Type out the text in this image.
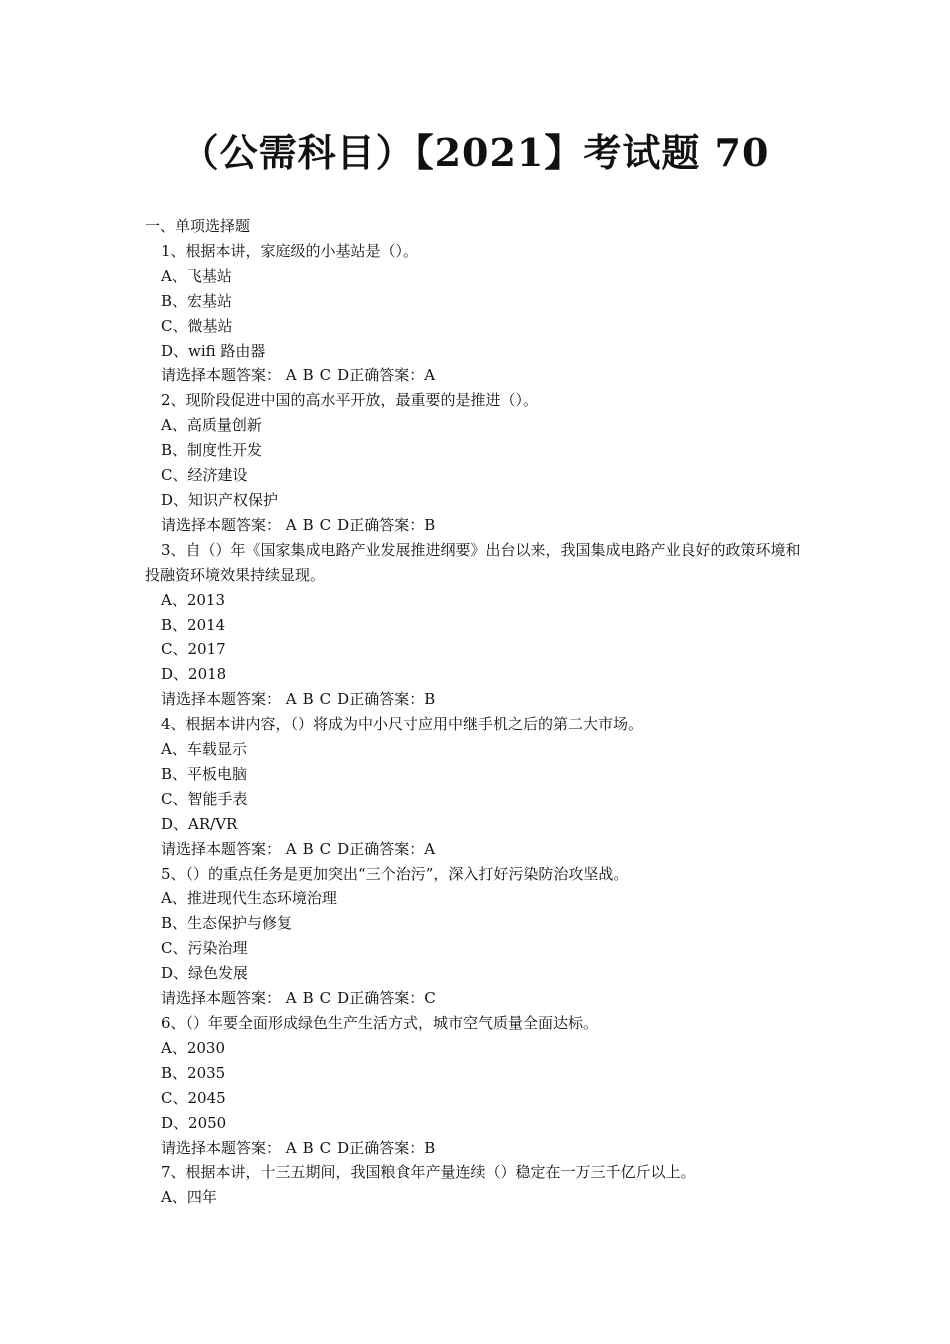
（公需科目）【2021】考试题 70
一、单项选择题
1、根据本讲，家庭级的小基站是（）。
A、飞基站
B、宏基站
C、微基站
D、wifi 路由器
请选择本题答案： A B C D正确答案：A
2、现阶段促进中国的高水平开放，最重要的是推进（）。
A、高质量创新
B、制度性开发
C、经济建设
D、知识产权保护
请选择本题答案： A B C D正确答案：B
3、自（）年《国家集成电路产业发展推进纲要》出台以来，我国集成电路产业良好的政策环境和投融资环境效果持续显现。
A、2013
B、2014
C、2017
D、2018
请选择本题答案： A B C D正确答案：B
4、根据本讲内容，（）将成为中小尺寸应用中继手机之后的第二大市场。
A、车载显示
B、平板电脑
C、智能手表
D、AR/VR
请选择本题答案： A B C D正确答案：A
5、（）的重点任务是更加突出“三个治污”，深入打好污染防治攻坚战。
A、推进现代生态环境治理
B、生态保护与修复
C、污染治理
D、绿色发展
请选择本题答案： A B C D正确答案：C
6、（）年要全面形成绿色生产生活方式，城市空气质量全面达标。
A、2030
B、2035
C、2045
D、2050
请选择本题答案： A B C D正确答案：B
7、根据本讲，十三五期间，我国粮食年产量连续（）稳定在一万三千亿斤以上。
A、四年
